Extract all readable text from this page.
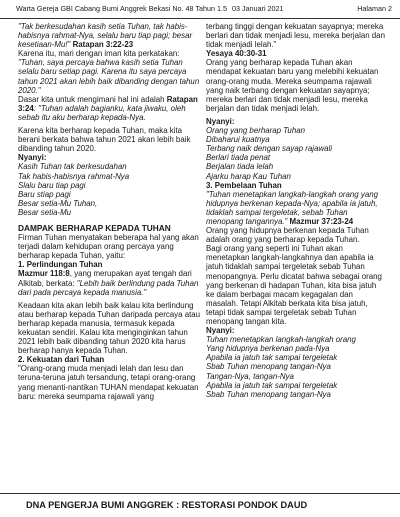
Warta Gereja GBI Cabang Bumi Anggrek Bekasi No. 48 Tahun 1.5 03 Januari 2021	Halaman 2

"Tak berkesudahan kasih setia Tuhan, tak habis-habisnya rahmat-Nya, selalu baru tiap pagi; besar kesetiaan-Mu!" Ratapan 3:22-23

Karena itu, mari dengan iman kita perkatakan:

"Tuhan, saya percaya bahwa kasih setia Tuhan selalu baru setiap pagi. Karena itu saya percaya tahun 2021 akan lebih baik dibanding dengan tahun 2020."

Dasar kita untuk mengimani hal ini adalah Ratapan 3:24: "Tuhan adalah bagianku, kata jiwaku, oleh sebab itu aku berharap kepada-Nya.

Karena kita berharap kepada Tuhan, maka kita berani berkata bahwa tahun 2021 akan lebih baik dibanding tahun 2020.

Nyanyi:

Kasih Tuhan tak berkesudahan
Tak habis-habisnya rahmat-Nya
Slalu baru tiap pagi
Baru stiap pagi
Besar setia-Mu Tuhan,
Besar setia-Mu

DAMPAK BERHARAP KEPADA TUHAN

Firman Tuhan menyatakan beberapa hal yang akan terjadi dalam kehidupan orang percaya yang berharap kepada Tuhan, yaitu:

1. Perlindungan Tuhan

Mazmur 118:8, yang merupakan ayat tengah dari Alkitab, berkata: "Lebih baik berlindung pada Tuhan dari pada percaya kepada manusia."

Keadaan kita akan lebih baik kalau kita berlindung atau berharap kepada Tuhan daripada percaya atau berharap kepada manusia, termasuk kepada kekuatan sendiri. Kalau kita menginginkan tahun 2021 lebih baik dibanding tahun 2020 kita harus berharap hanya kepada Tuhan.

2. Kekuatan dari Tuhan

"Orang-orang muda menjadi lelah dan lesu dan teruna-teruna jatuh tersandung, tetapi orang-orang yang menanti-nantikan TUHAN mendapat kekuatan baru: mereka seumpama rajawali yang

terbang tinggi dengan kekuatan sayapnya; mereka berlari dan tidak menjadi lesu, mereka berjalan dan tidak menjadi lelah."

Yesaya 40:30-31

Orang yang berharap kepada Tuhan akan mendapat kekuatan baru yang melebihi kekuatan orang-orang muda. Mereka seumpama rajawali yang naik terbang dengan kekuatan sayapnya; mereka berlari dan tidak menjadi lesu, mereka berjalan dan tidak menjadi lelah.

Nyanyi:

Orang yang berharap Tuhan
Dibaharui kuatnya
Terbang naik dengan sayap rajawali
Berlari tiada penat
Berjalan tiada lelah
Ajarku harap Kau Tuhan

3. Pembelaan Tuhan

"Tuhan menetapkan langkah-langkah orang yang hidupnya berkenan kepada-Nya; apabila ia jatuh, tidaklah sampai tergeletak, sebab Tuhan menopang tangannya." Mazmur 37:23-24

Orang yang hidupnya berkenan kepada Tuhan adalah orang yang berharap kepada Tuhan.

Bagi orang yang seperti ini Tuhan akan menetapkan langkah-langkahnya dan apabila ia jatuh tidaklah sampai tergeletak sebab Tuhan menopangnya. Perlu dicatat bahwa sebagai orang yang berkenan di hadapan Tuhan, kita bisa jatuh ke dalam berbagai macam kegagalan dan masalah. Tetapi Alkitab berkata kita bisa jatuh, tetapi tidak sampai tergeletak sebab Tuhan menopang tangan kita.

Nyanyi:

Tuhan menetapkan langkah-langkah orang
Yang hidupnya berkenan pada-Nya
Apabila ia jatuh tak sampai tergeletak
Sbab Tuhan menopang tangan-Nya
Tangan-Nya, tangan-Nya
Apabila ia jatuh tak sampai tergeletak
Sbab Tuhan menopang tangan-Nya
DNA PENGERJA BUMI ANGGREK : RESTORASI PONDOK DAUD
